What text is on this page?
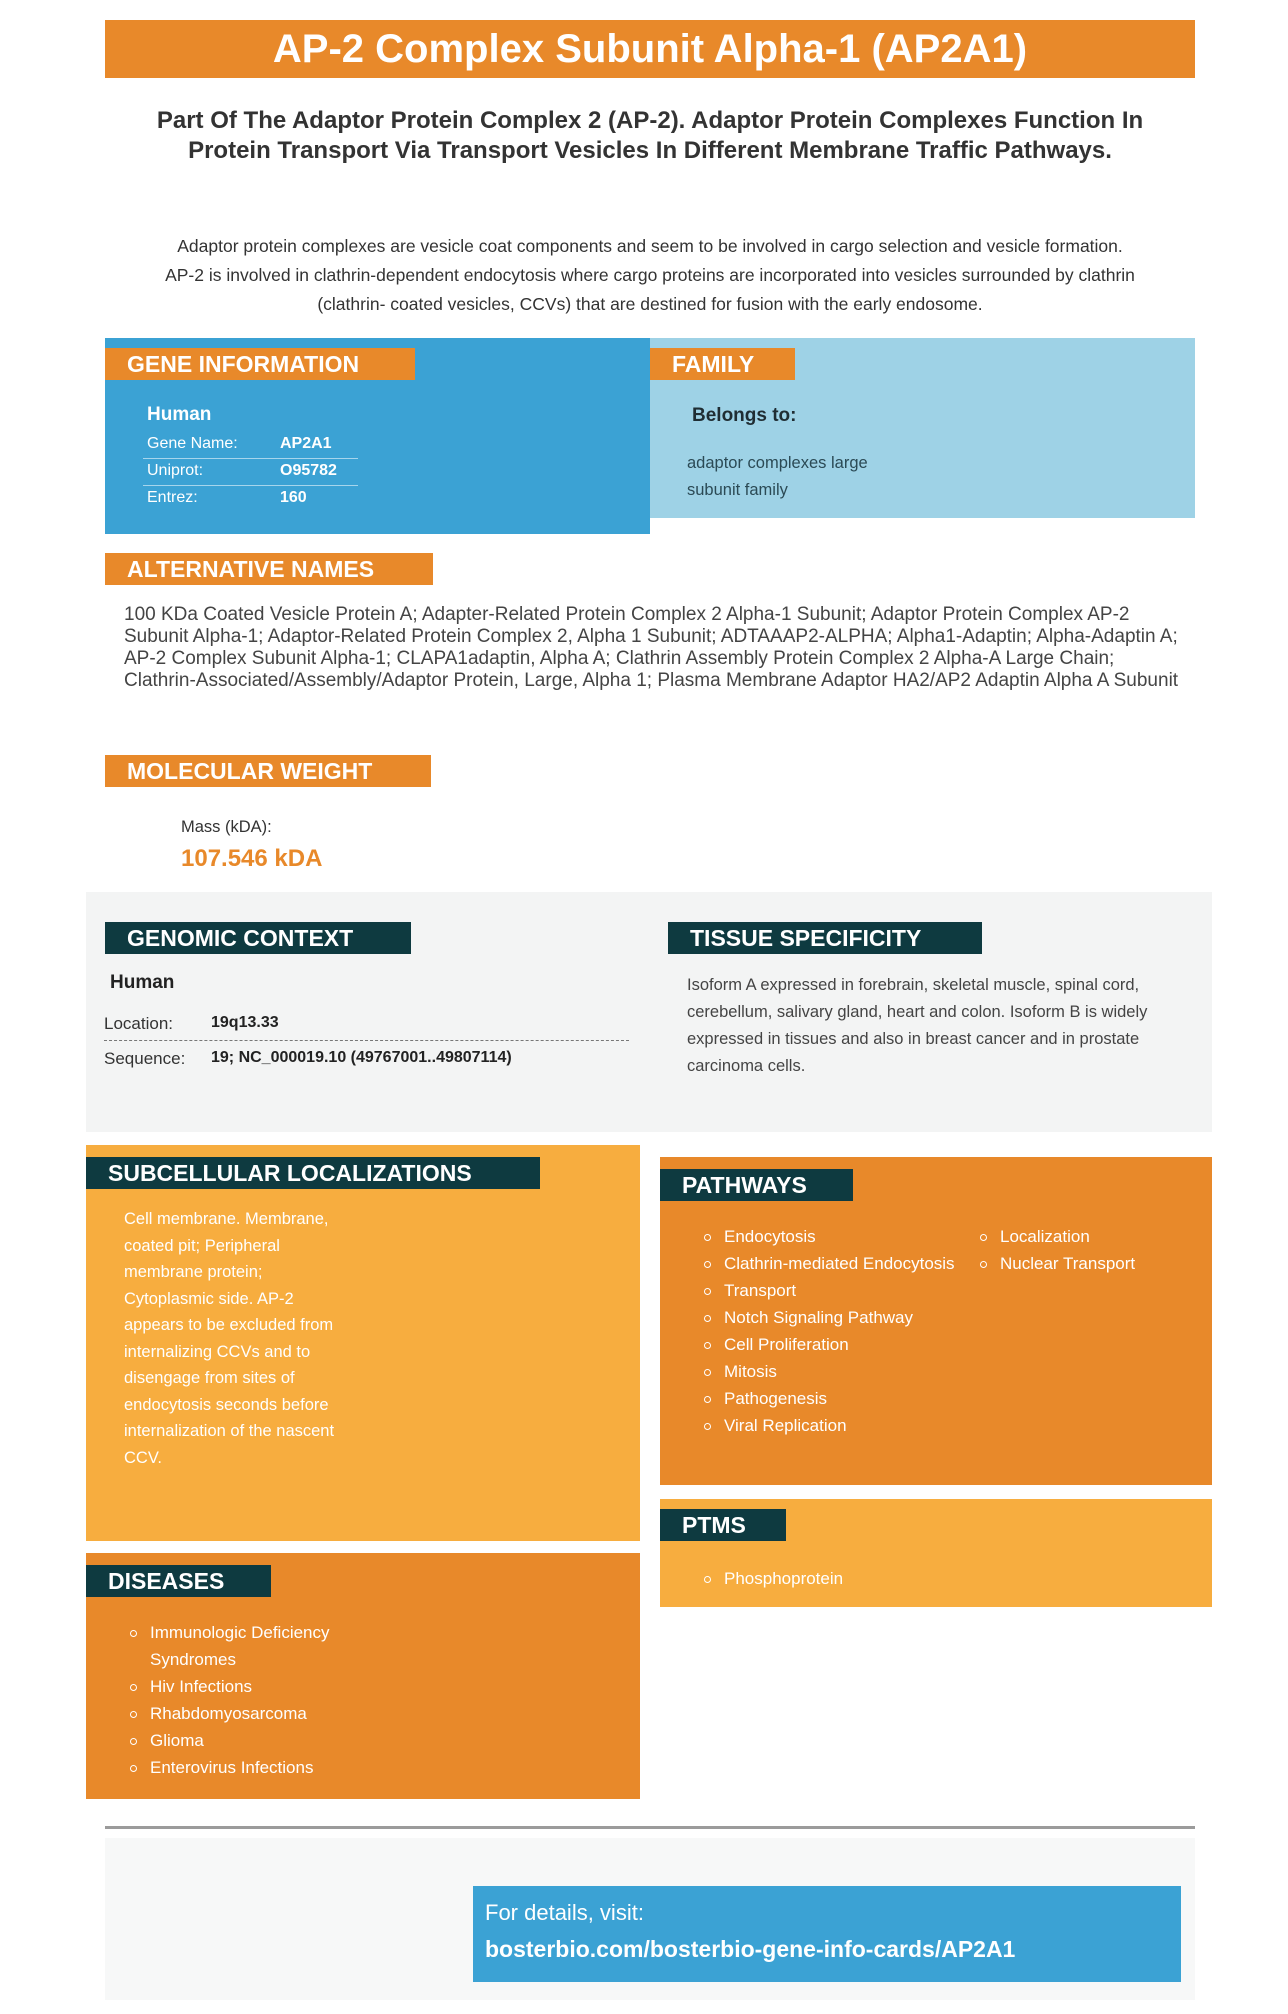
AP-2 Complex Subunit Alpha-1 (AP2A1)
Part Of The Adaptor Protein Complex 2 (AP-2). Adaptor Protein Complexes Function In Protein Transport Via Transport Vesicles In Different Membrane Traffic Pathways.
Adaptor protein complexes are vesicle coat components and seem to be involved in cargo selection and vesicle formation. AP-2 is involved in clathrin-dependent endocytosis where cargo proteins are incorporated into vesicles surrounded by clathrin (clathrin- coated vesicles, CCVs) that are destined for fusion with the early endosome.
GENE INFORMATION
Human
Gene Name:	AP2A1
Uniprot:	O95782
Entrez:	160
FAMILY
Belongs to:
adaptor complexes large
subunit family
ALTERNATIVE NAMES
100 KDa Coated Vesicle Protein A; Adapter-Related Protein Complex 2 Alpha-1 Subunit; Adaptor Protein Complex AP-2 Subunit Alpha-1; Adaptor-Related Protein Complex 2, Alpha 1 Subunit; ADTAAAP2-ALPHA; Alpha1-Adaptin; Alpha-Adaptin A; AP-2 Complex Subunit Alpha-1; CLAPA1adaptin, Alpha A; Clathrin Assembly Protein Complex 2 Alpha-A Large Chain; Clathrin-Associated/Assembly/Adaptor Protein, Large, Alpha 1; Plasma Membrane Adaptor HA2/AP2 Adaptin Alpha A Subunit
MOLECULAR WEIGHT
Mass (kDA):
107.546 kDA
GENOMIC CONTEXT
Human
Location: 19q13.33
Sequence: 19; NC_000019.10 (49767001..49807114)
TISSUE SPECIFICITY
Isoform A expressed in forebrain, skeletal muscle, spinal cord, cerebellum, salivary gland, heart and colon. Isoform B is widely expressed in tissues and also in breast cancer and in prostate carcinoma cells.
SUBCELLULAR LOCALIZATIONS
Cell membrane. Membrane, coated pit; Peripheral membrane protein; Cytoplasmic side. AP-2 appears to be excluded from internalizing CCVs and to disengage from sites of endocytosis seconds before internalization of the nascent CCV.
PATHWAYS
Endocytosis
Clathrin-mediated Endocytosis
Transport
Notch Signaling Pathway
Cell Proliferation
Mitosis
Pathogenesis
Viral Replication
Localization
Nuclear Transport
PTMS
Phosphoprotein
DISEASES
Immunologic Deficiency Syndromes
Hiv Infections
Rhabdomyosarcoma
Glioma
Enterovirus Infections
For details, visit:
bosterbio.com/bosterbio-gene-info-cards/AP2A1
